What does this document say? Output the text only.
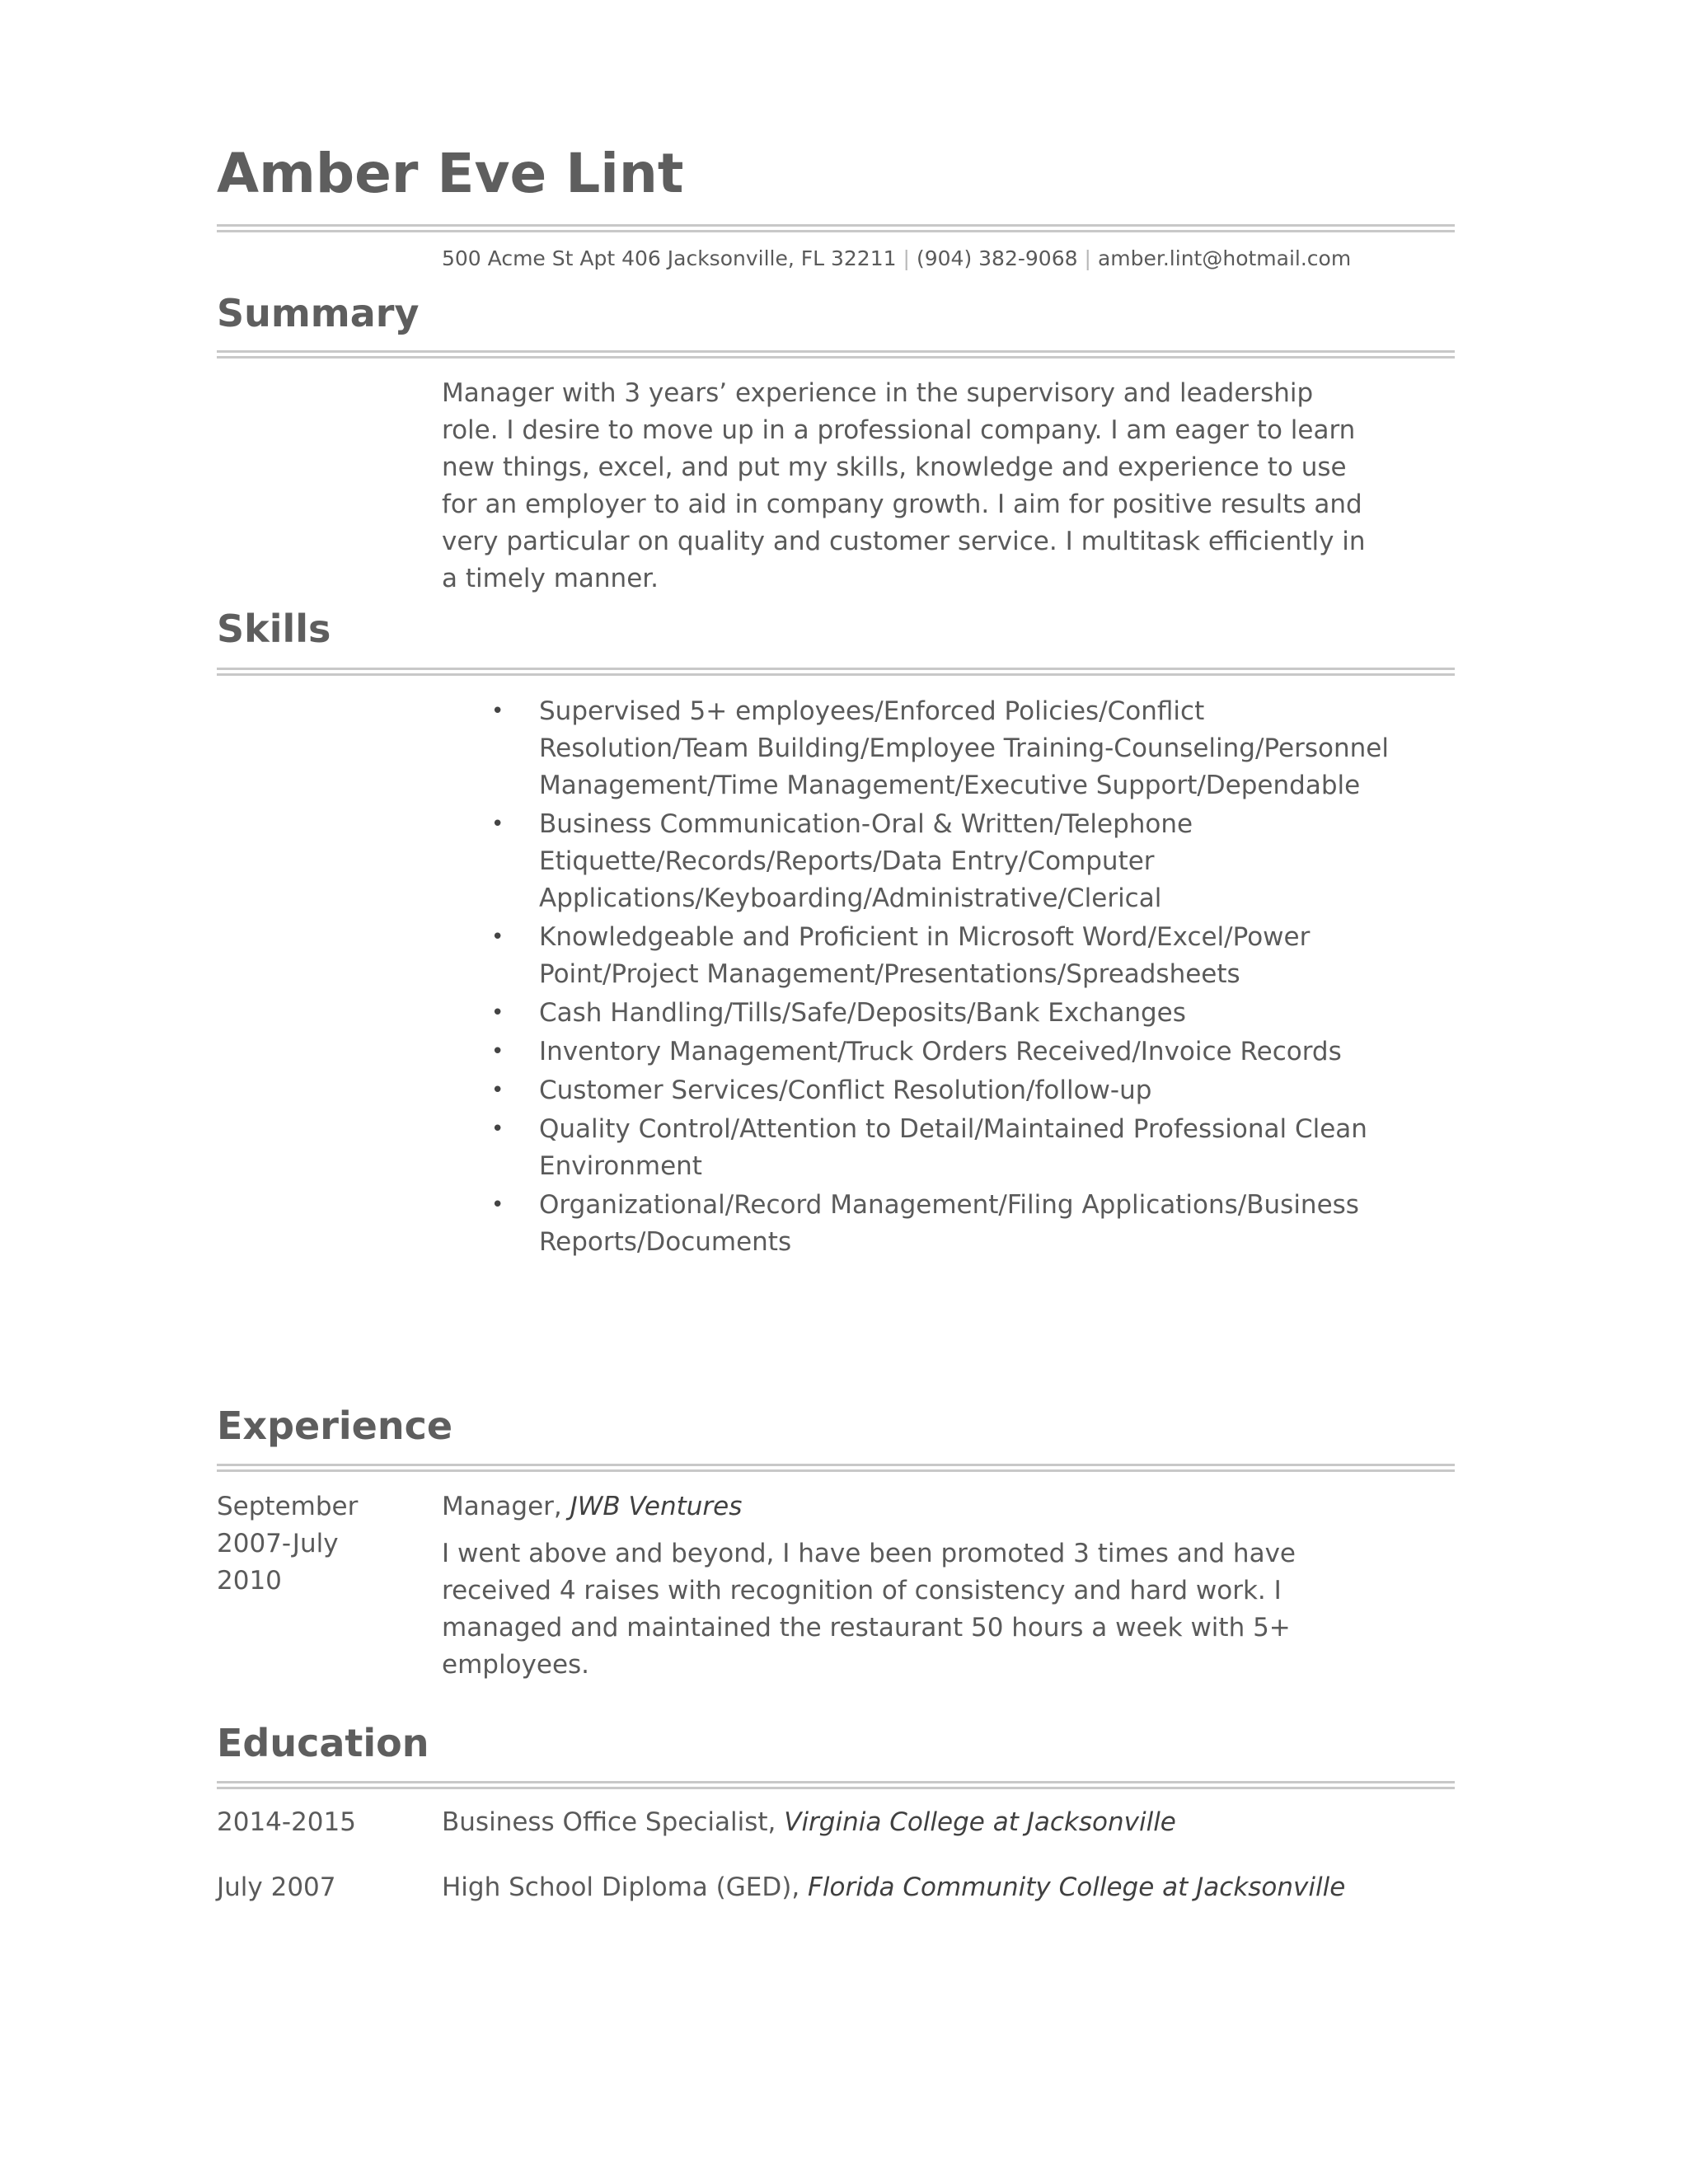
Amber Eve Lint
500 Acme St Apt 406 Jacksonville, FL 32211 | (904) 382-9068 | amber.lint@hotmail.com
Summary

Manager with 3 years’ experience in the supervisory and leadership role. I desire to move up in a professional company. I am eager to learn new things, excel, and put my skills, knowledge and experience to use for an employer to aid in company growth. I aim for positive results and very particular on quality and customer service. I multitask efficiently in a timely manner.

Skills
• Supervised 5+ employees/Enforced Policies/Conflict Resolution/Team Building/Employee Training-Counseling/Personnel Management/Time Management/Executive Support/Dependable
• Business Communication-Oral & Written/Telephone Etiquette/Records/Reports/Data Entry/Computer Applications/Keyboarding/Administrative/Clerical
• Knowledgeable and Proficient in Microsoft Word/Excel/Power Point/Project Management/Presentations/Spreadsheets
• Cash Handling/Tills/Safe/Deposits/Bank Exchanges
• Inventory Management/Truck Orders Received/Invoice Records
• Customer Services/Conflict Resolution/follow-up
• Quality Control/Attention to Detail/Maintained Professional Clean Environment
• Organizational/Record Management/Filing Applications/Business Reports/Documents
Experience
September 2007-July 2010
Manager, JWB Ventures

I went above and beyond, I have been promoted 3 times and have received 4 raises with recognition of consistency and hard work. I managed and maintained the restaurant 50 hours a week with 5+ employees.

Education
2014-2015	Business Office Specialist, Virginia College at Jacksonville
July 2007	High School Diploma (GED), Florida Community College at Jacksonville
